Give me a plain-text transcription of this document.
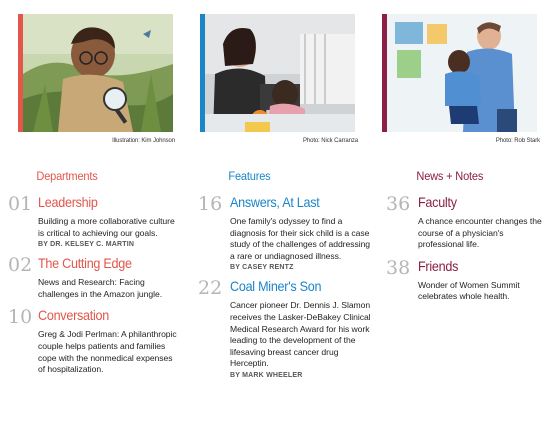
Illustration: Kim Johnson	Photo: Nick Carranza	Photo: Rob Stark
Departments
01 Leadership
Building a more collaborative culture is critical to achieving our goals.
BY DR. KELSEY C. MARTIN
02 The Cutting Edge
News and Research: Facing challenges in the Amazon jungle.
10 Conversation
Greg & Jodi Perlman: A philanthropic couple helps patients and families cope with the nonmedical expenses of hospitalization.
Features
16 Answers, At Last
One family's odyssey to find a diagnosis for their sick child is a case study of the challenges of addressing a rare or undiagnosed illness.
BY CASEY RENTZ
22 Coal Miner's Son
Cancer pioneer Dr. Dennis J. Slamon receives the Lasker-DeBakey Clinical Medical Research Award for his work leading to the development of the lifesaving breast cancer drug Herceptin.
BY MARK WHEELER
News + Notes
36 Faculty
A chance encounter changes the course of a physician's professional life.
38 Friends
Wonder of Women Summit celebrates whole health.
